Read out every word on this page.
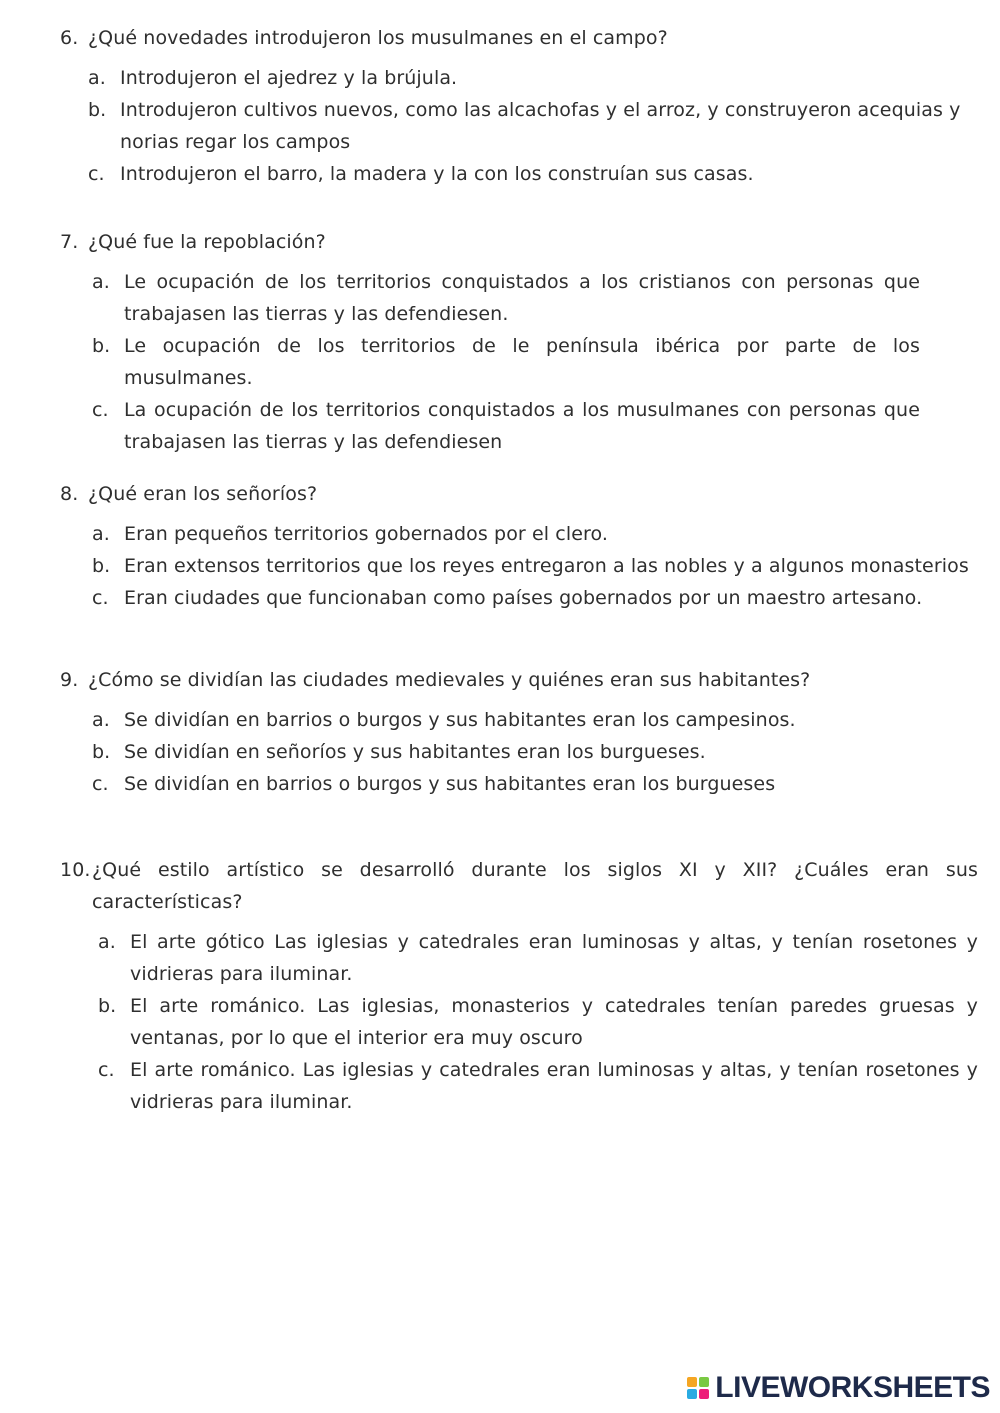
6. ¿Qué novedades introdujeron los musulmanes en el campo?
a. Introdujeron el ajedrez y la brújula.
b. Introdujeron cultivos nuevos, como las alcachofas y el arroz, y construyeron acequias y norias regar los campos
c. Introdujeron el barro, la madera y la con los construían sus casas.
7. ¿Qué fue la repoblación?
a. Le ocupación de los territorios conquistados a los cristianos con personas que trabajasen las tierras y las defendiesen.
b. Le ocupación de los territorios de le península ibérica por parte de los musulmanes.
c. La ocupación de los territorios conquistados a los musulmanes con personas que trabajasen las tierras y las defendiesen
8. ¿Qué eran los señoríos?
a. Eran pequeños territorios gobernados por el clero.
b. Eran extensos territorios que los reyes entregaron a las nobles y a algunos monasterios
c. Eran ciudades que funcionaban como países gobernados por un maestro artesano.
9. ¿Cómo se dividían las ciudades medievales y quiénes eran sus habitantes?
a. Se dividían en barrios o burgos y sus habitantes eran los campesinos.
b. Se dividían en señoríos y sus habitantes eran los burgueses.
c. Se dividían en barrios o burgos y sus habitantes eran los burgueses
10. ¿Qué estilo artístico se desarrolló durante los siglos XI y XII? ¿Cuáles eran sus características?
a. El arte gótico Las iglesias y catedrales eran luminosas y altas, y tenían rosetones y vidrieras para iluminar.
b. El arte románico. Las iglesias, monasterios y catedrales tenían paredes gruesas y ventanas, por lo que el interior era muy oscuro
c. El arte románico. Las iglesias y catedrales eran luminosas y altas, y tenían rosetones y vidrieras para iluminar.
LIVEWORKSHEETS
